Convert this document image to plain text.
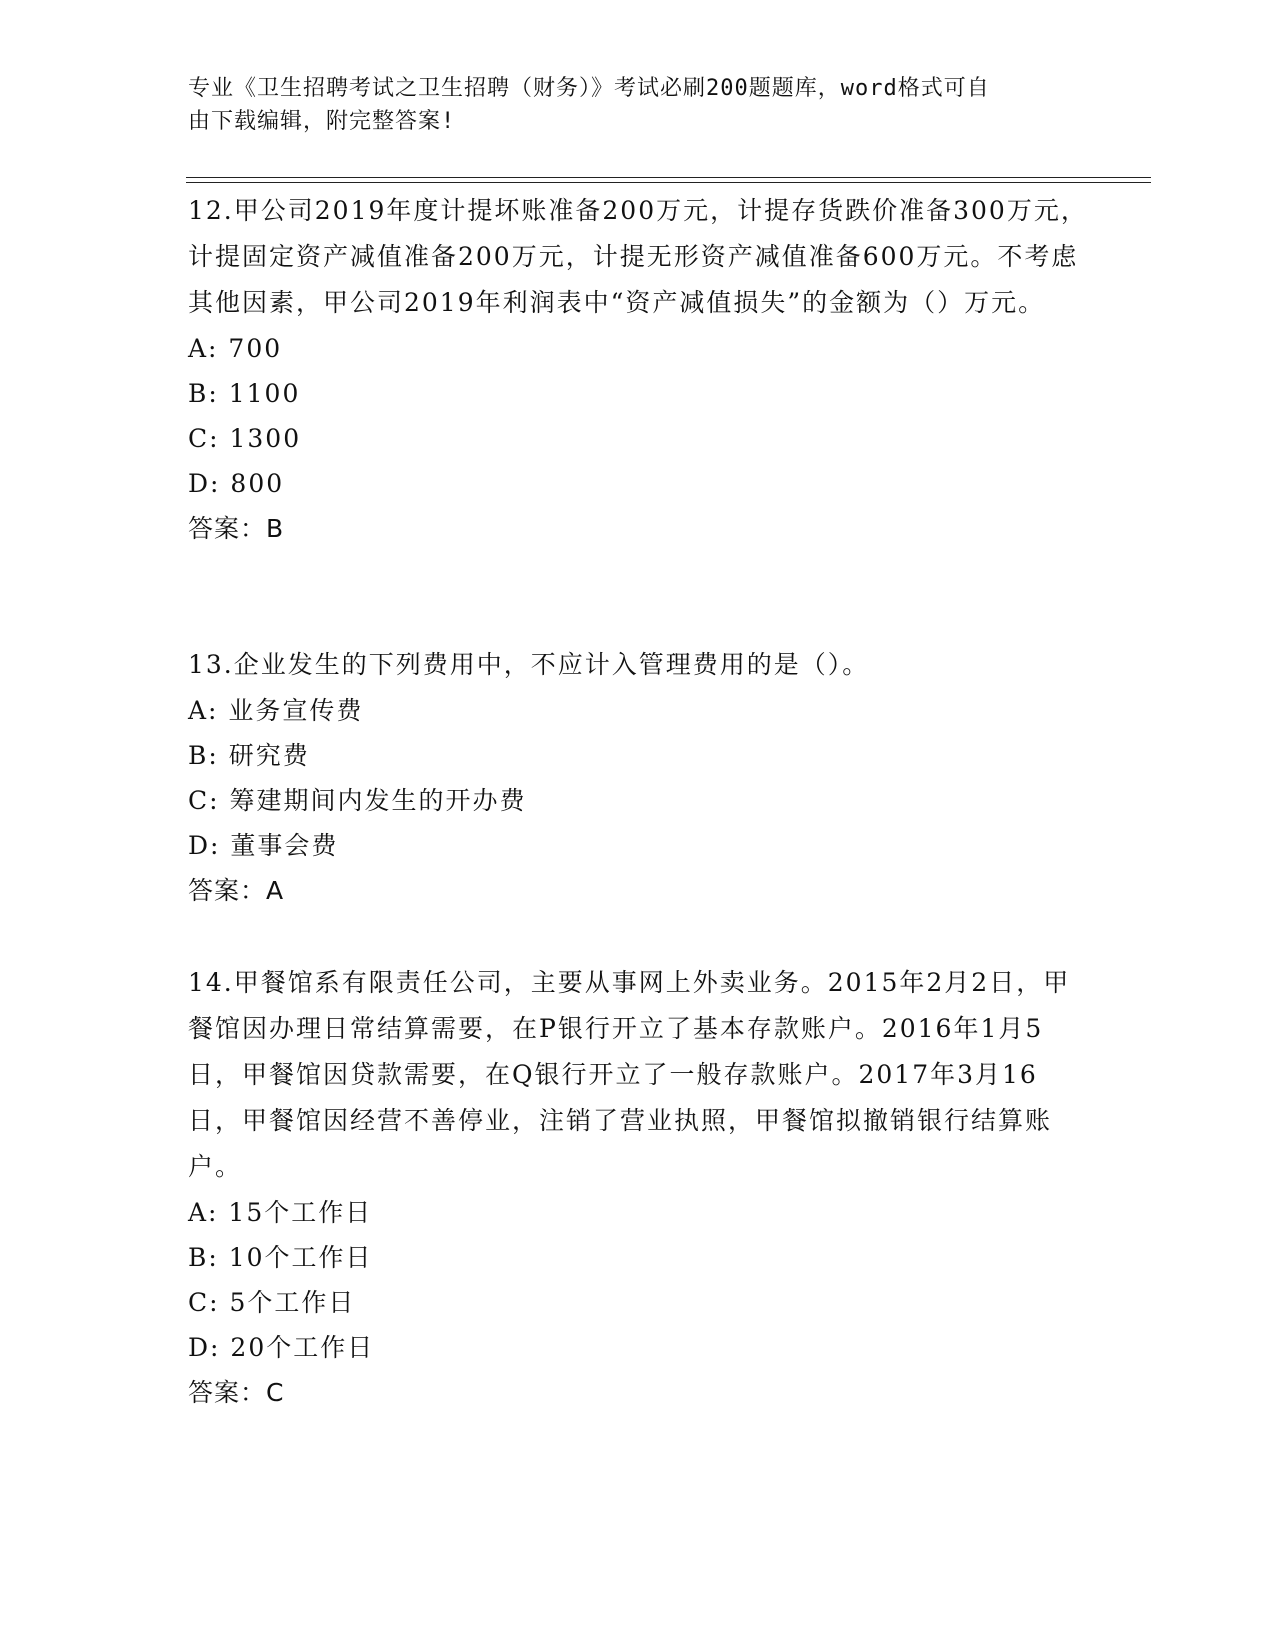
专业《卫生招聘考试之卫生招聘（财务）》考试必刷200题题库，word格式可自
由下载编辑，附完整答案!

12.甲公司2019年度计提坏账准备200万元，计提存货跌价准备300万元，计提固定资产减值准备200万元，计提无形资产减值准备600万元。不考虑其他因素，甲公司2019年利润表中“资产减值损失”的金额为（）万元。

A: 700
B: 1100
C: 1300
D: 800
答案：B

13.企业发生的下列费用中，不应计入管理费用的是（）。

A: 业务宣传费
B: 研究费
C: 筹建期间内发生的开办费
D: 董事会费
答案：A

14.甲餐馆系有限责任公司，主要从事网上外卖业务。2015年2月2日，甲餐馆因办理日常结算需要，在P银行开立了基本存款账户。2016年1月5日，甲餐馆因贷款需要，在Q银行开立了一般存款账户。2017年3月16日，甲餐馆因经营不善停业，注销了营业执照，甲餐馆拟撤销银行结算账户。

A: 15个工作日
B: 10个工作日
C: 5个工作日
D: 20个工作日
答案：C
